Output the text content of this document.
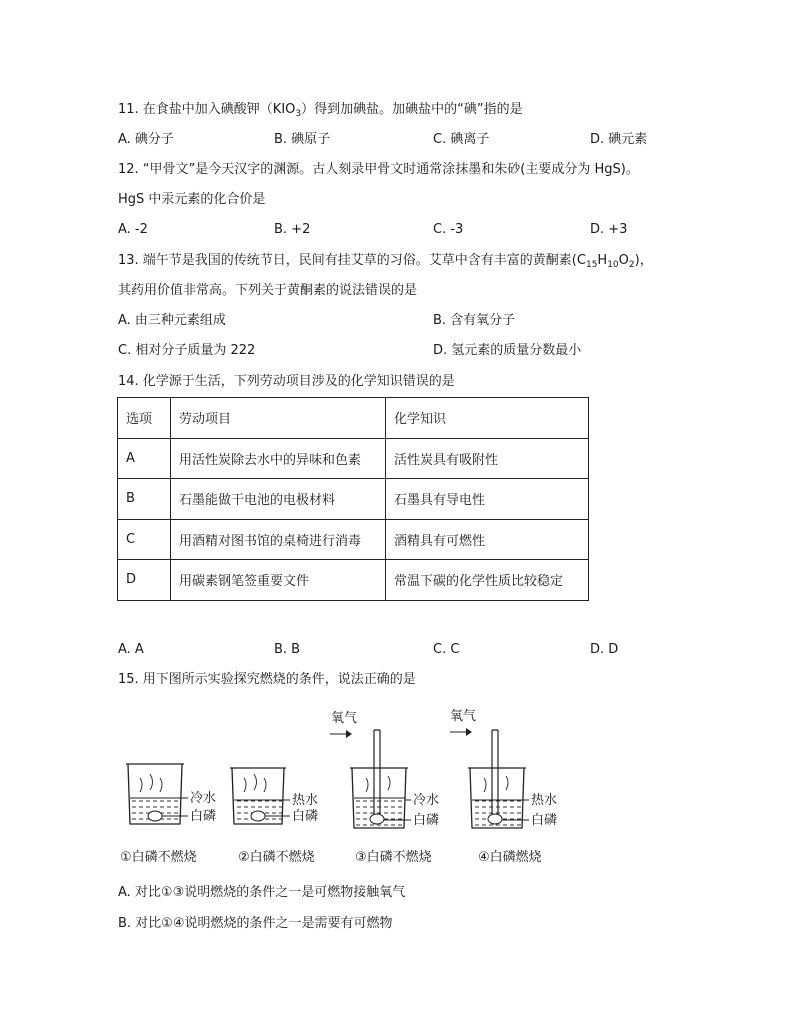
11. 在食盐中加入碘酸钾$(KIO_3)$得到加碘盐。加碘盐中的“碘”指的是
A. 碘分子	B. 碘原子	C. 碘离子	D. 碘元素
12. “甲骨文”是今天汉字的渊源。古人刻录甲骨文时通常涂抹墨和朱砂(主要成分为 HgS)。
HgS 中汞元素的化合价是
A. -2	B. +2	C. -3	D. +3
13. 端午节是我国的传统节日，民间有挂艾草的习俗。艾草中含有丰富的黄酮素$(C_{15}H_{10}O_2)$，
其药用价值非常高。下列关于黄酮素的说法错误的是
A. 由三种元素组成	B. 含有氧分子
C. 相对分子质量为 222	D. 氢元素的质量分数最小
14. 化学源于生活，下列劳动项目涉及的化学知识错误的是
选项	劳动项目	化学知识
A	用活性炭除去水中的异味和色素	活性炭具有吸附性
B	石墨能做干电池的电极材料	石墨具有导电性
C	用酒精对图书馆的桌椅进行消毒	酒精具有可燃性
D	用碳素钢笔签重要文件	常温下碳的化学性质比较稳定
A. A	B. B	C. C	D. D
15. 用下图所示实验探究燃烧的条件，说法正确的是
冷水
白磷
热水
白磷
氧气
冷水
白磷
氧气
热水
白磷
①白磷不燃烧	②白磷不燃烧	③白磷不燃烧	④白磷燃烧
A. 对比①③说明燃烧的条件之一是可燃物接触氧气
B. 对比①④说明燃烧的条件之一是需要有可燃物
